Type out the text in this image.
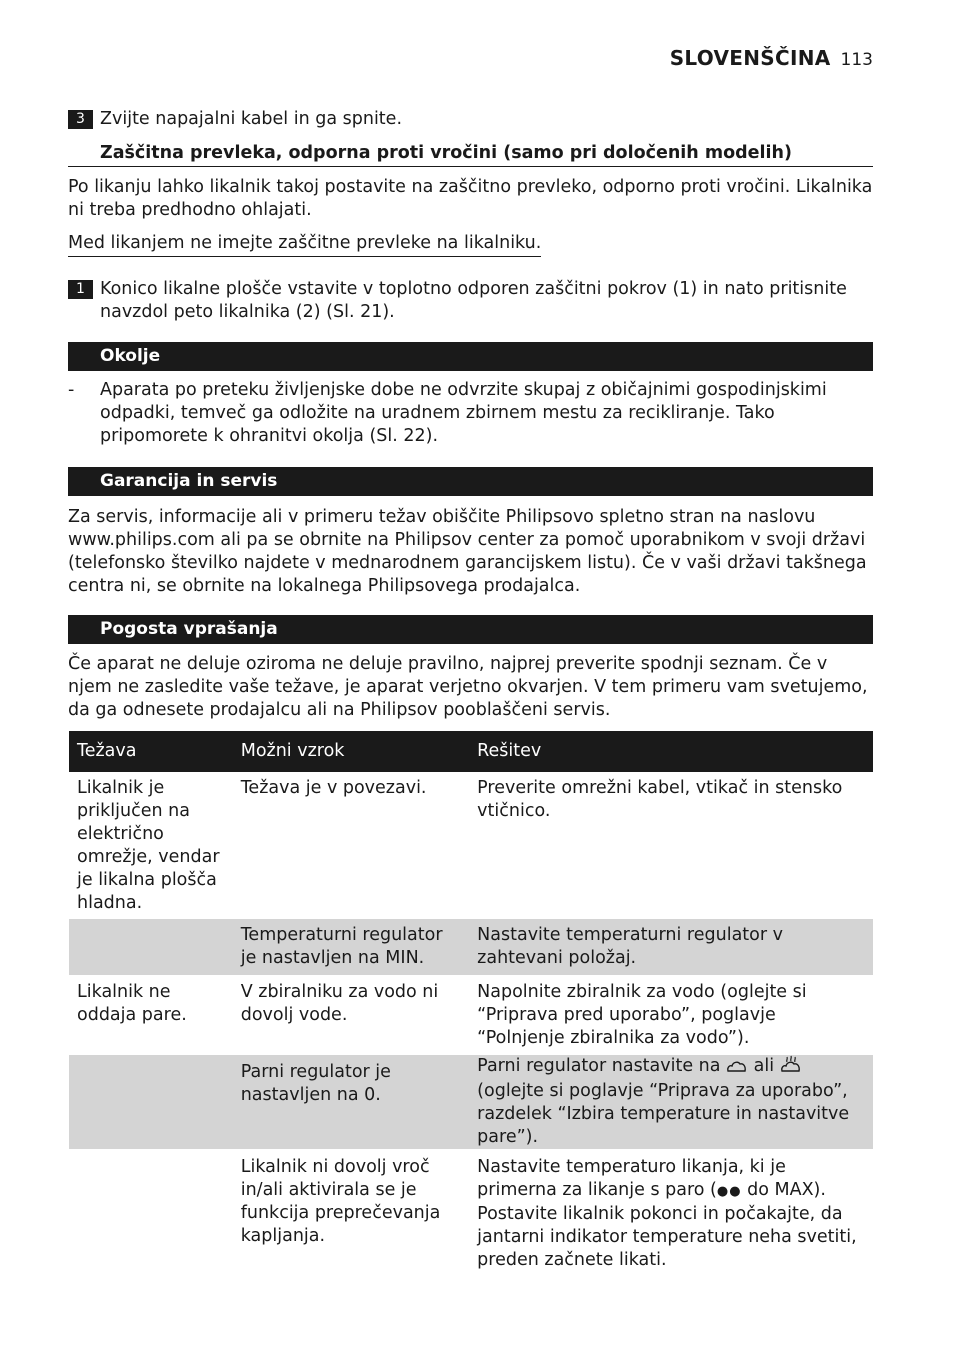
SLOVENŠČINA 113
3 Zvijte napajalni kabel in ga spnite.
Zaščitna prevleka, odporna proti vročini (samo pri določenih modelih)
Po likanju lahko likalnik takoj postavite na zaščitno prevleko, odporno proti vročini. Likalnika ni treba predhodno ohlajati.
Med likanjem ne imejte zaščitne prevleke na likalniku.
1 Konico likalne plošče vstavite v toplotno odporen zaščitni pokrov (1) in nato pritisnite navzdol peto likalnika (2) (Sl. 21).
Okolje
- Aparata po preteku življenjske dobe ne odvrzite skupaj z običajnimi gospodinjskimi odpadki, temveč ga odložite na uradnem zbirnem mestu za recikliranje. Tako pripomorete k ohranitvi okolja (Sl. 22).
Garancija in servis
Za servis, informacije ali v primeru težav obiščite Philipsovo spletno stran na naslovu www.philips.com ali pa se obrnite na Philipsov center za pomoč uporabnikom v svoji državi (telefonsko številko najdete v mednarodnem garancijskem listu). Če v vaši državi takšnega centra ni, se obrnite na lokalnega Philipsovega prodajalca.
Pogosta vprašanja
Če aparat ne deluje oziroma ne deluje pravilno, najprej preverite spodnji seznam. Če v njem ne zasledite vaše težave, je aparat verjetno okvarjen. V tem primeru vam svetujemo, da ga odnesete prodajalcu ali na Philipsov pooblaščeni servis.
Težava	Možni vzrok	Rešitev
Likalnik je priključen na električno omrežje, vendar je likalna plošča hladna.	Težava je v povezavi.	Preverite omrežni kabel, vtikač in stensko vtičnico.
	Temperaturni regulator je nastavljen na MIN.	Nastavite temperaturni regulator v zahtevani položaj.
Likalnik ne oddaja pare.	V zbiralniku za vodo ni dovolj vode.	Napolnite zbiralnik za vodo (oglejte si “Priprava pred uporabo”, poglavje “Polnjenje zbiralnika za vodo”).
	Parni regulator je nastavljen na 0.	Parni regulator nastavite na ali  (oglejte si poglavje “Priprava za uporabo”, razdelek “Izbira temperature in nastavitve pare”).
	Likalnik ni dovolj vroč in/ali aktivirala se je funkcija preprečevanja kapljanja.	Nastavite temperaturo likanja, ki je primerna za likanje s paro (●● do MAX). Postavite likalnik pokonci in počakajte, da jantarni indikator temperature neha svetiti, preden začnete likati.
